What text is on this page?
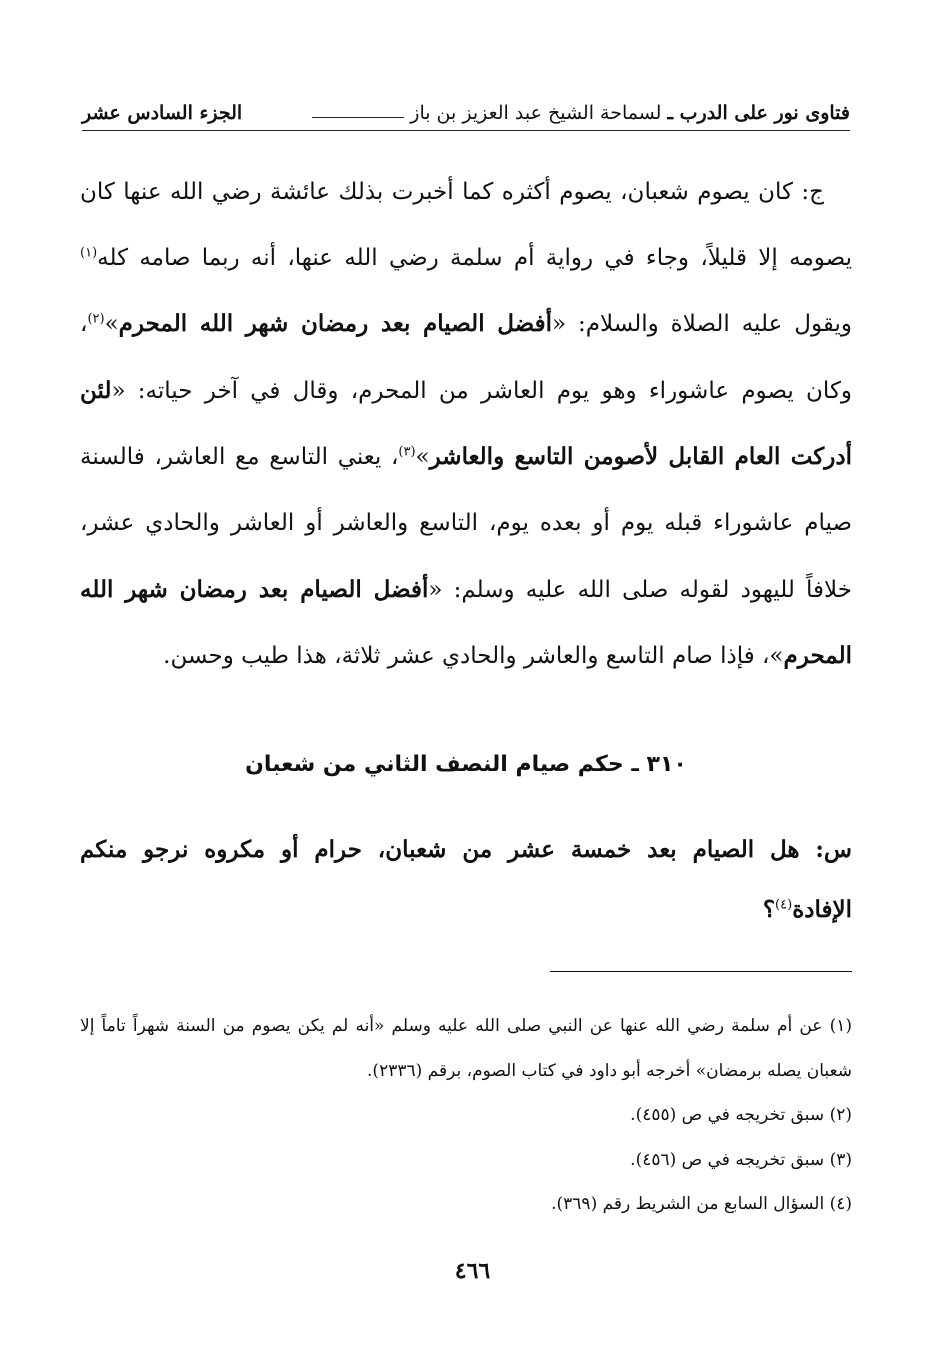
فتاوى نور على الدرب ـ
لسماحة الشيخ عبد العزيز بن باز
الجزء السادس عشر

ج: كان يصوم شعبان، يصوم أكثره كما أخبرت بذلك عائشة رضي الله عنها كان يصومه إلا قليلاً، وجاء في رواية أم سلمة رضي الله عنها، أنه ربما صامه كله$^{(١)}$ ويقول عليه الصلاة والسلام: «أفضل الصيام بعد رمضان شهر الله المحرم»$^{(٢)}$، وكان يصوم عاشوراء وهو يوم العاشر من المحرم، وقال في آخر حياته: «لئن أدركت العام القابل لأصومن التاسع والعاشر»$^{(٣)}$، يعني التاسع مع العاشر، فالسنة صيام عاشوراء قبله يوم أو بعده يوم، التاسع والعاشر أو العاشر والحادي عشر، خلافاً لليهود لقوله صلى الله عليه وسلم: «أفضل الصيام بعد رمضان شهر الله المحرم»، فإذا صام التاسع والعاشر والحادي عشر ثلاثة، هذا طيب وحسن.

٣١٠ ـ حكم صيام النصف الثاني من شعبان
س: هل الصيام بعد خمسة عشر من شعبان، حرام أو مكروه نرجو منكم الإفادة$^{(٤)}$؟

(١) عن أم سلمة رضي الله عنها عن النبي صلى الله عليه وسلم «أنه لم يكن يصوم من السنة شهراً تاماً إلا شعبان يصله برمضان» أخرجه أبو داود في كتاب الصوم، برقم (٢٣٣٦).

(٢) سبق تخريجه في ص (٤٥٥).

(٣) سبق تخريجه في ص (٤٥٦).

(٤) السؤال السابع من الشريط رقم (٣٦٩).

٤٦٦
